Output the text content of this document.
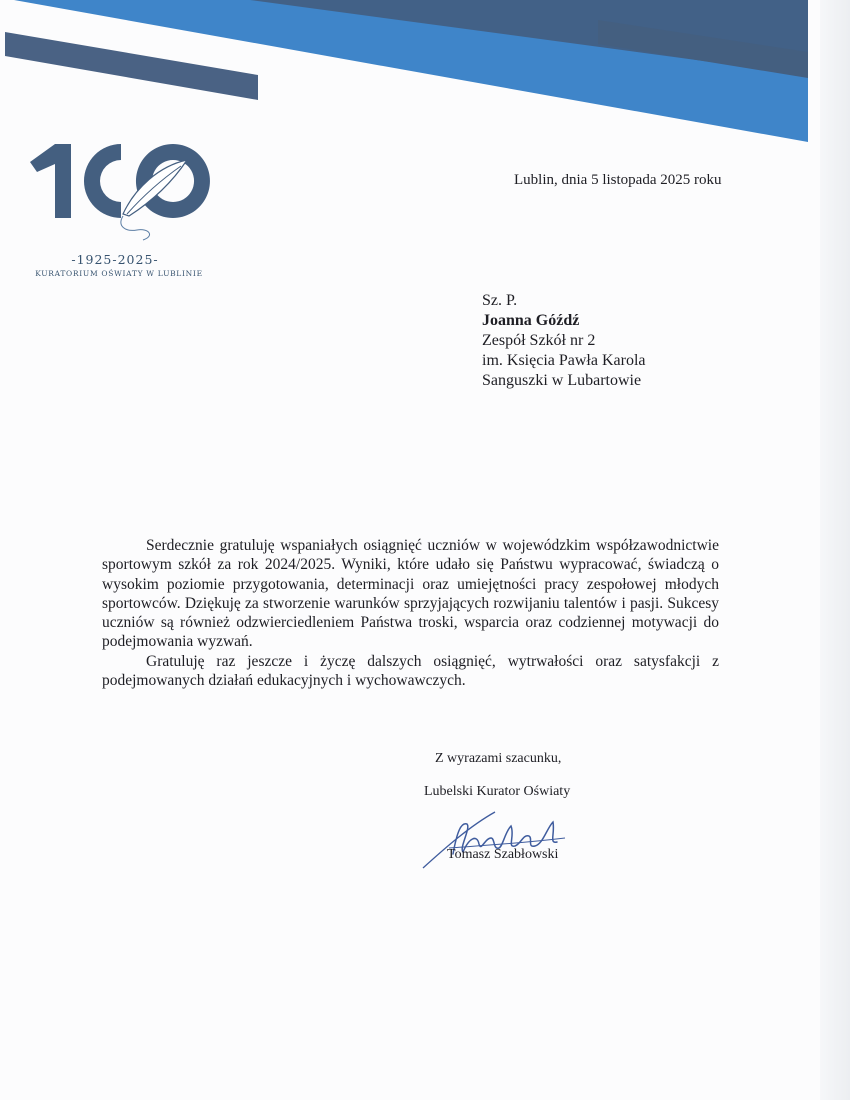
-1925-2025-
KURATORIUM OŚWIATY W LUBLINIE
Lublin, dnia 5 listopada 2025 roku
Sz. P.
Joanna Góźdź
Zespół Szkół nr 2
im. Księcia Pawła Karola
Sanguszki w Lubartowie

Serdecznie gratuluję wspaniałych osiągnięć uczniów w wojewódzkim współzawodnictwie sportowym szkół za rok 2024/2025. Wyniki, które udało się Państwu wypracować, świadczą o wysokim poziomie przygotowania, determinacji oraz umiejętności pracy zespołowej młodych sportowców. Dziękuję za stworzenie warunków sprzyjających rozwijaniu talentów i pasji. Sukcesy uczniów są również odzwierciedleniem Państwa troski, wsparcia oraz codziennej motywacji do podejmowania wyzwań.

Gratuluję raz jeszcze i życzę dalszych osiągnięć, wytrwałości oraz satysfakcji z podejmowanych działań edukacyjnych i wychowawczych.

Z wyrazami szacunku,
Lubelski Kurator Oświaty
Tomasz Szabłowski
